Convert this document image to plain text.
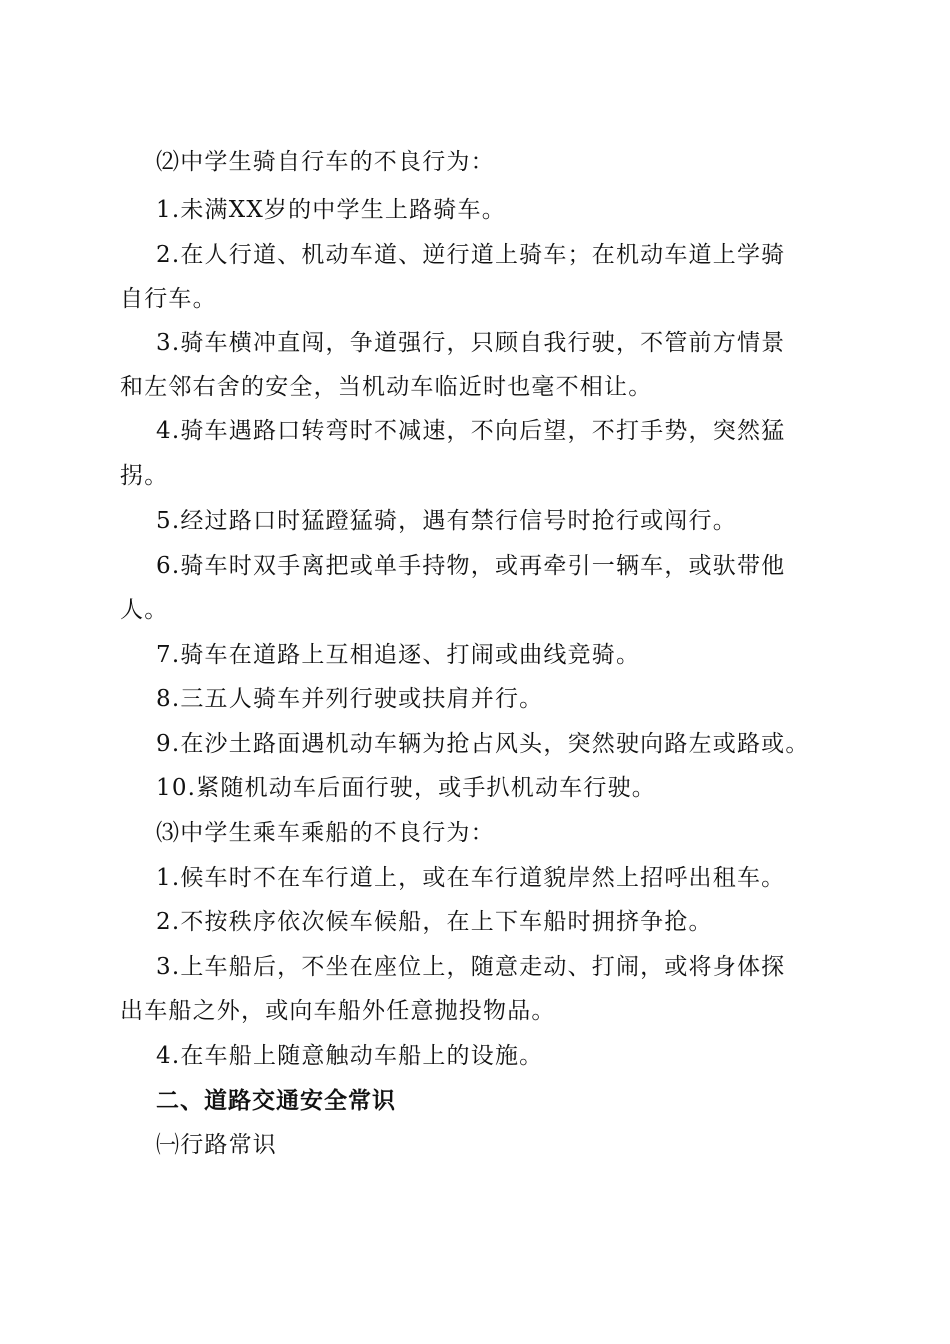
⑵中学生骑自行车的不良行为：
1.未满XX岁的中学生上路骑车。
2.在人行道、机动车道、逆行道上骑车；在机动车道上学骑
自行车。
3.骑车横冲直闯，争道强行，只顾自我行驶，不管前方情景
和左邻右舍的安全，当机动车临近时也毫不相让。
4.骑车遇路口转弯时不减速，不向后望，不打手势，突然猛
拐。
5.经过路口时猛蹬猛骑，遇有禁行信号时抢行或闯行。
6.骑车时双手离把或单手持物，或再牵引一辆车，或驮带他
人。
7.骑车在道路上互相追逐、打闹或曲线竞骑。
8.三五人骑车并列行驶或扶肩并行。
9.在沙土路面遇机动车辆为抢占风头，突然驶向路左或路或。
10.紧随机动车后面行驶，或手扒机动车行驶。
⑶中学生乘车乘船的不良行为：
1.候车时不在车行道上，或在车行道貌岸然上招呼出租车。
2.不按秩序依次候车候船，在上下车船时拥挤争抢。
3.上车船后，不坐在座位上，随意走动、打闹，或将身体探
出车船之外，或向车船外任意抛投物品。
4.在车船上随意触动车船上的设施。
二、道路交通安全常识
㈠行路常识
